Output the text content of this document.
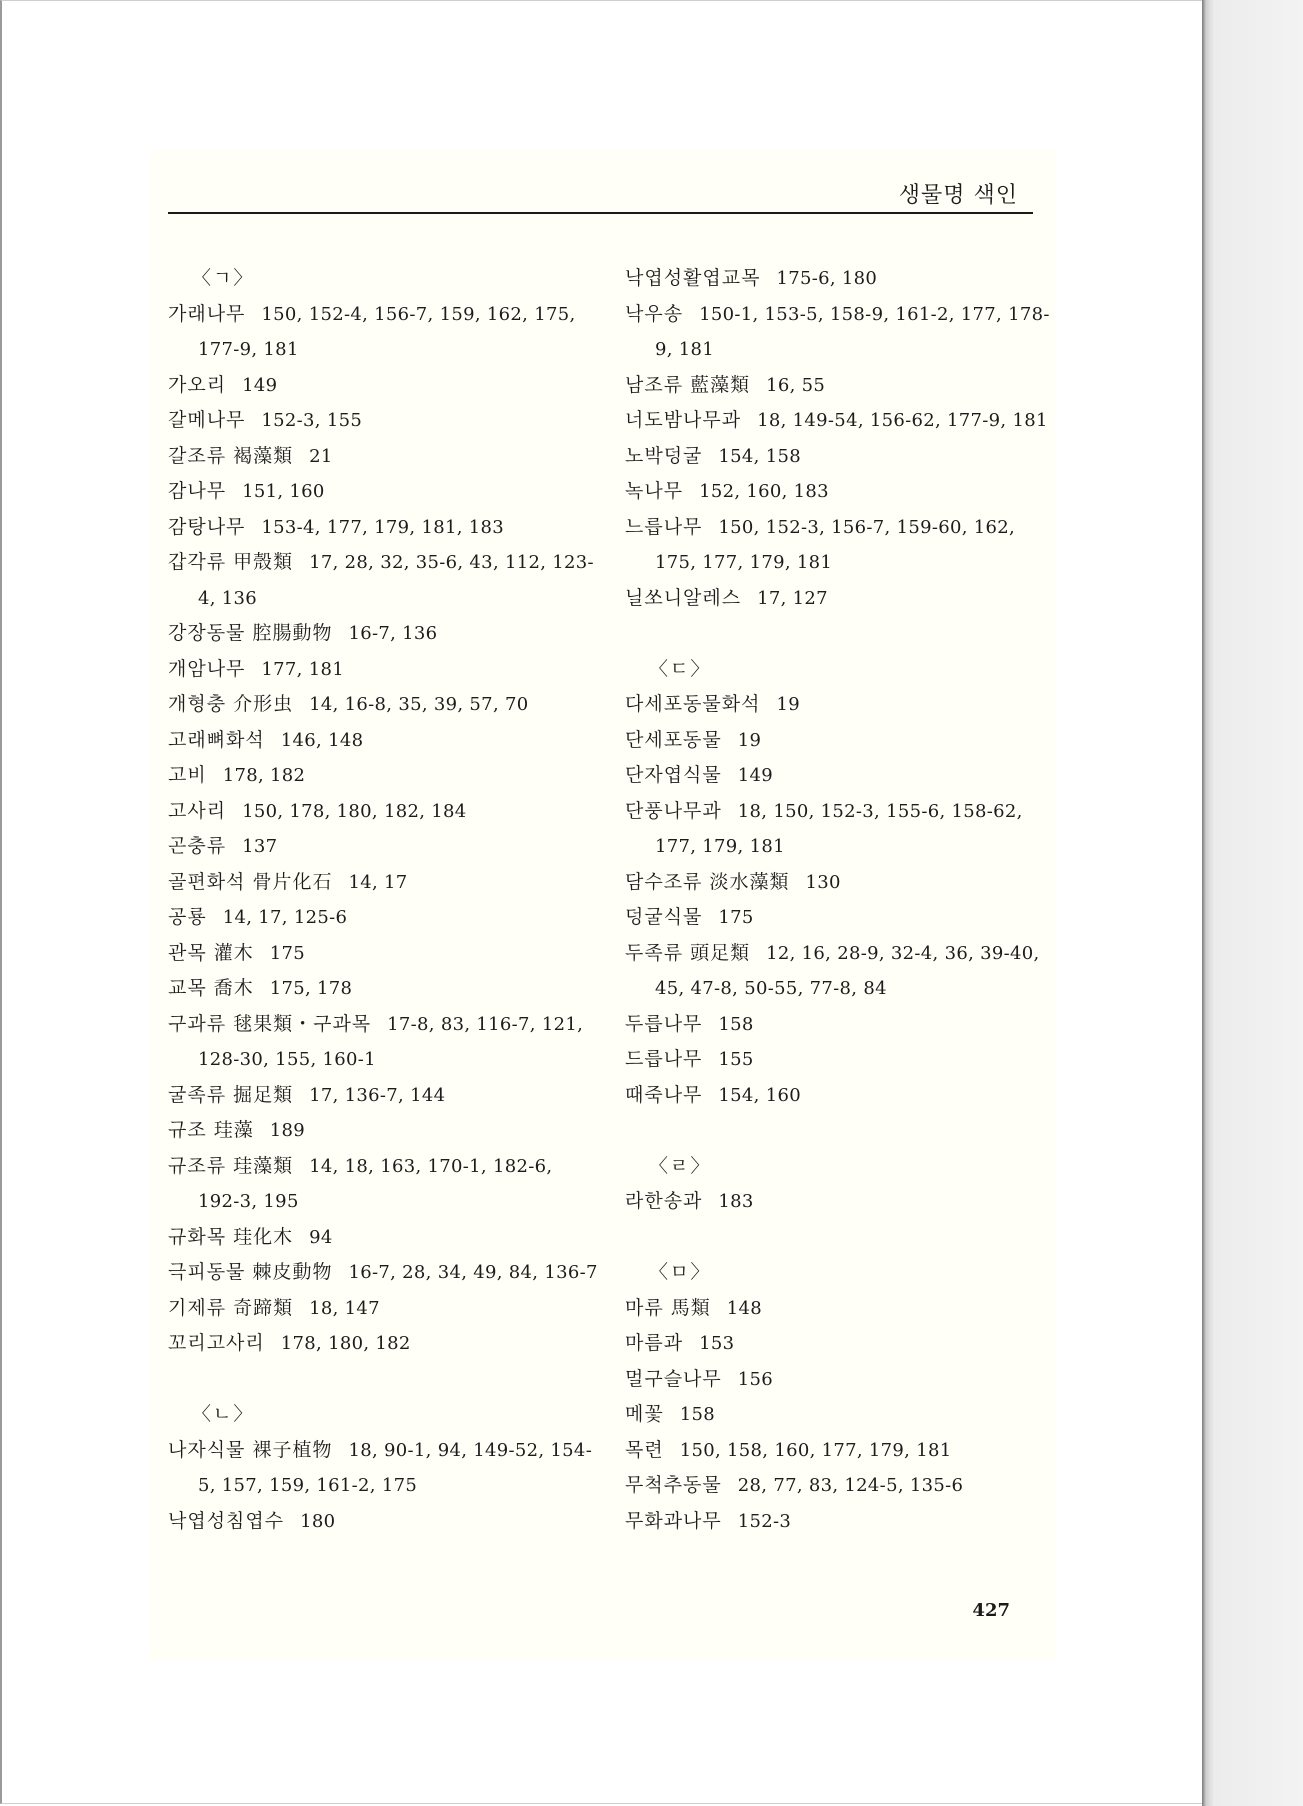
생물명 색인
〈ㄱ〉
가래나무 150, 152-4, 156-7, 159, 162, 175, 177-9, 181
가오리 149
갈메나무 152-3, 155
갈조류 褐藻類 21
감나무 151, 160
감탕나무 153-4, 177, 179, 181, 183
갑각류 甲殼類 17, 28, 32, 35-6, 43, 112, 123-4, 136
강장동물 腔腸動物 16-7, 136
개암나무 177, 181
개형충 介形虫 14, 16-8, 35, 39, 57, 70
고래뼈화석 146, 148
고비 178, 182
고사리 150, 178, 180, 182, 184
곤충류 137
골편화석 骨片化石 14, 17
공룡 14, 17, 125-6
관목 灌木 175
교목 喬木 175, 178
구과류 毬果類・구과목 17-8, 83, 116-7, 121, 128-30, 155, 160-1
굴족류 掘足類 17, 136-7, 144
규조 珪藻 189
규조류 珪藻類 14, 18, 163, 170-1, 182-6, 192-3, 195
규화목 珪化木 94
극피동물 棘皮動物 16-7, 28, 34, 49, 84, 136-7
기제류 奇蹄類 18, 147
꼬리고사리 178, 180, 182
〈ㄴ〉
나자식물 裸子植物 18, 90-1, 94, 149-52, 154-5, 157, 159, 161-2, 175
낙엽성침엽수 180
낙엽성활엽교목 175-6, 180
낙우송 150-1, 153-5, 158-9, 161-2, 177, 178-9, 181
남조류 藍藻類 16, 55
너도밤나무과 18, 149-54, 156-62, 177-9, 181
노박덩굴 154, 158
녹나무 152, 160, 183
느릅나무 150, 152-3, 156-7, 159-60, 162, 175, 177, 179, 181
닐쏘니알레스 17, 127
〈ㄷ〉
다세포동물화석 19
단세포동물 19
단자엽식물 149
단풍나무과 18, 150, 152-3, 155-6, 158-62, 177, 179, 181
담수조류 淡水藻類 130
덩굴식물 175
두족류 頭足類 12, 16, 28-9, 32-4, 36, 39-40, 45, 47-8, 50-55, 77-8, 84
두릅나무 158
드릅나무 155
때죽나무 154, 160
〈ㄹ〉
라한송과 183
〈ㅁ〉
마류 馬類 148
마름과 153
멀구슬나무 156
메꽃 158
목련 150, 158, 160, 177, 179, 181
무척추동물 28, 77, 83, 124-5, 135-6
무화과나무 152-3
427
